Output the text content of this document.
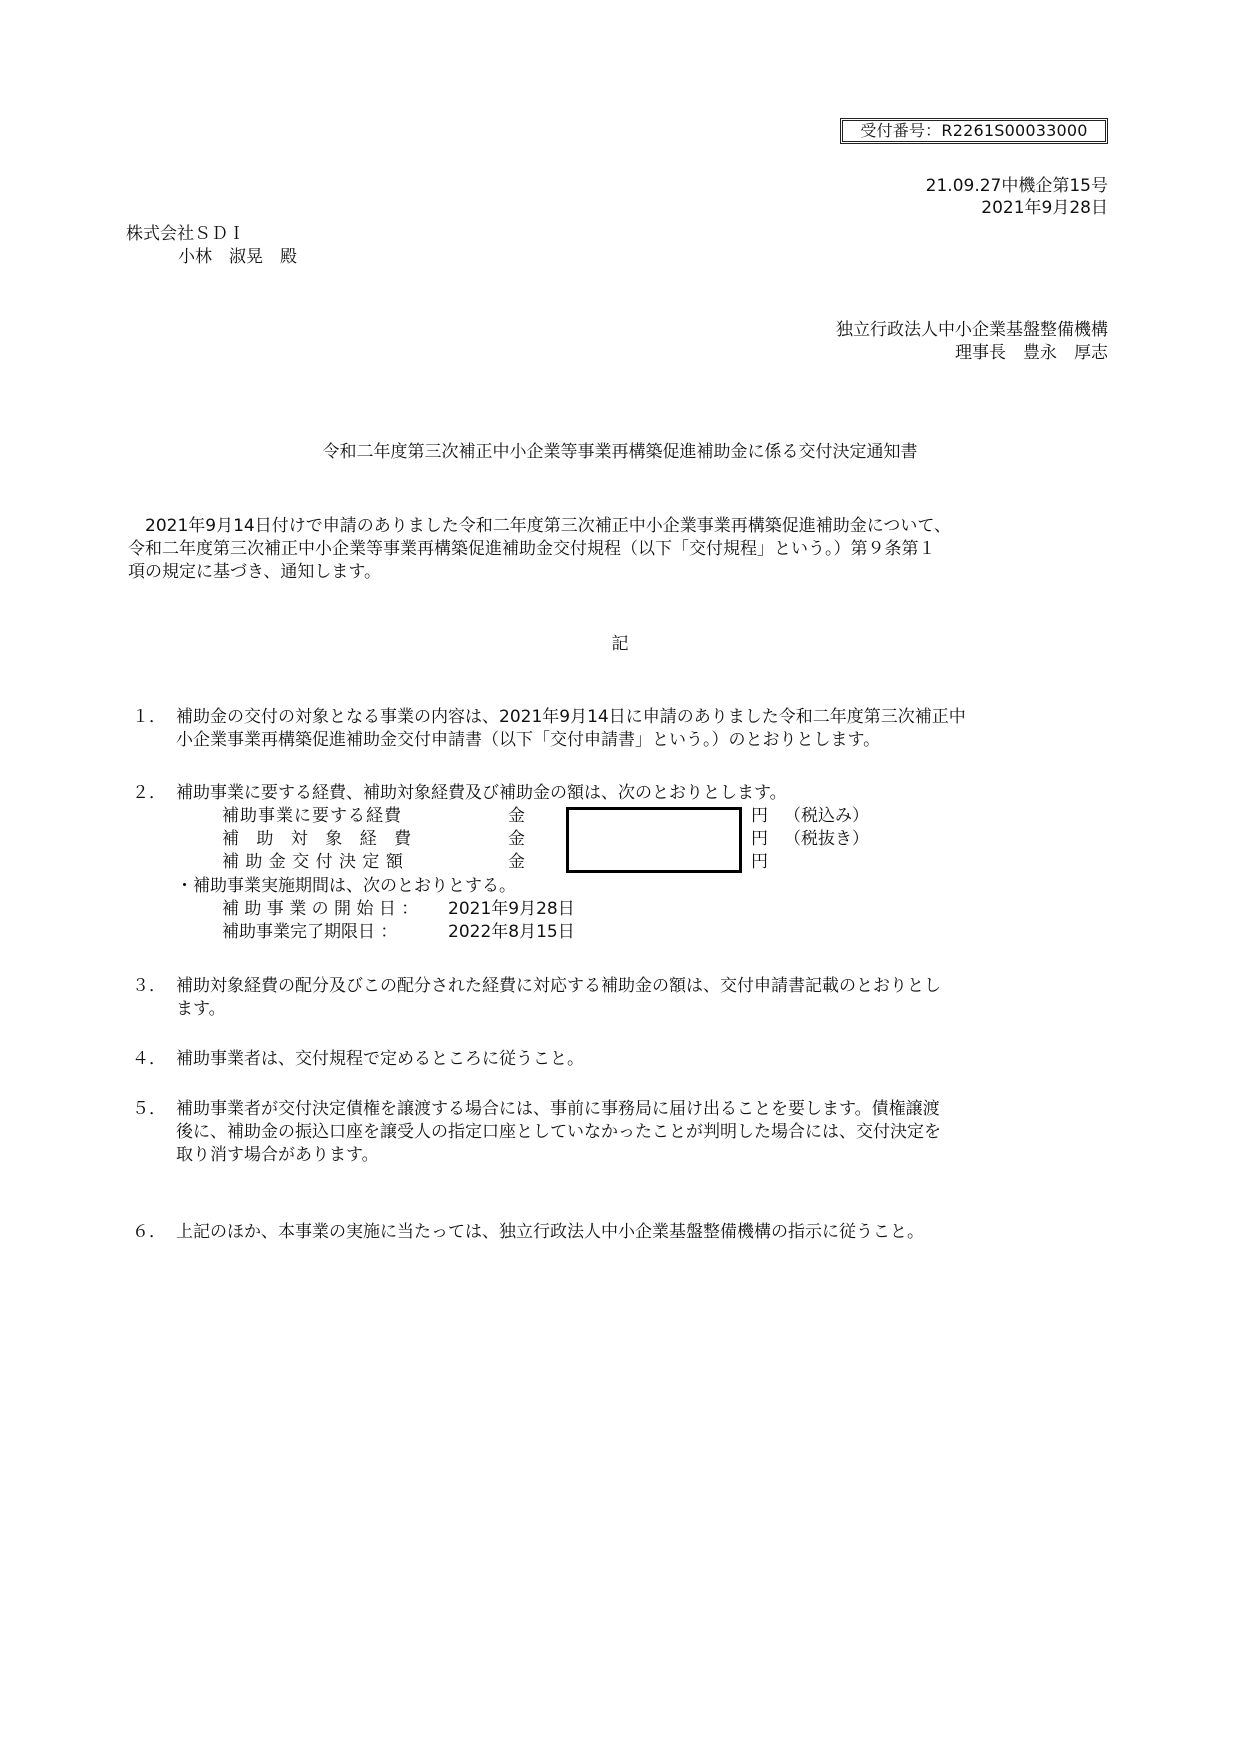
受付番号：R2261S00033000
21.09.27中機企第15号
2021年9月28日
株式会社ＳＤＩ
小林　淑晃　殿
独立行政法人中小企業基盤整備機構
理事長　豊永　厚志
令和二年度第三次補正中小企業等事業再構築促進補助金に係る交付決定通知書
　2021年9月14日付けで申請のありました令和二年度第三次補正中小企業事業再構築促進補助金について、
令和二年度第三次補正中小企業等事業再構築促進補助金交付規程（以下「交付規程」という。）第９条第１
項の規定に基づき、通知します。
記
１． 補助金の交付の対象となる事業の内容は、2021年9月14日に申請のありました令和二年度第三次補正中
小企業事業再構築促進補助金交付申請書（以下「交付申請書」という。）のとおりとします。
２． 補助事業に要する経費、補助対象経費及び補助金の額は、次のとおりとします。
補助事業に要する経費	金	円 （税込み）
補 助 対 象 経 費	金	円 （税抜き）
補 助 金 交 付 決 定 額	金	円
・補助事業実施期間は、次のとおりとする。
補 助 事 業 の 開 始 日 ： 2021年9月28日
補助事業完了期限日 ：	2022年8月15日
３． 補助対象経費の配分及びこの配分された経費に対応する補助金の額は、交付申請書記載のとおりとし
ます。
４． 補助事業者は、交付規程で定めるところに従うこと。
５． 補助事業者が交付決定債権を譲渡する場合には、事前に事務局に届け出ることを要します。債権譲渡
後に、補助金の振込口座を譲受人の指定口座としていなかったことが判明した場合には、交付決定を
取り消す場合があります。
６． 上記のほか、本事業の実施に当たっては、独立行政法人中小企業基盤整備機構の指示に従うこと。
